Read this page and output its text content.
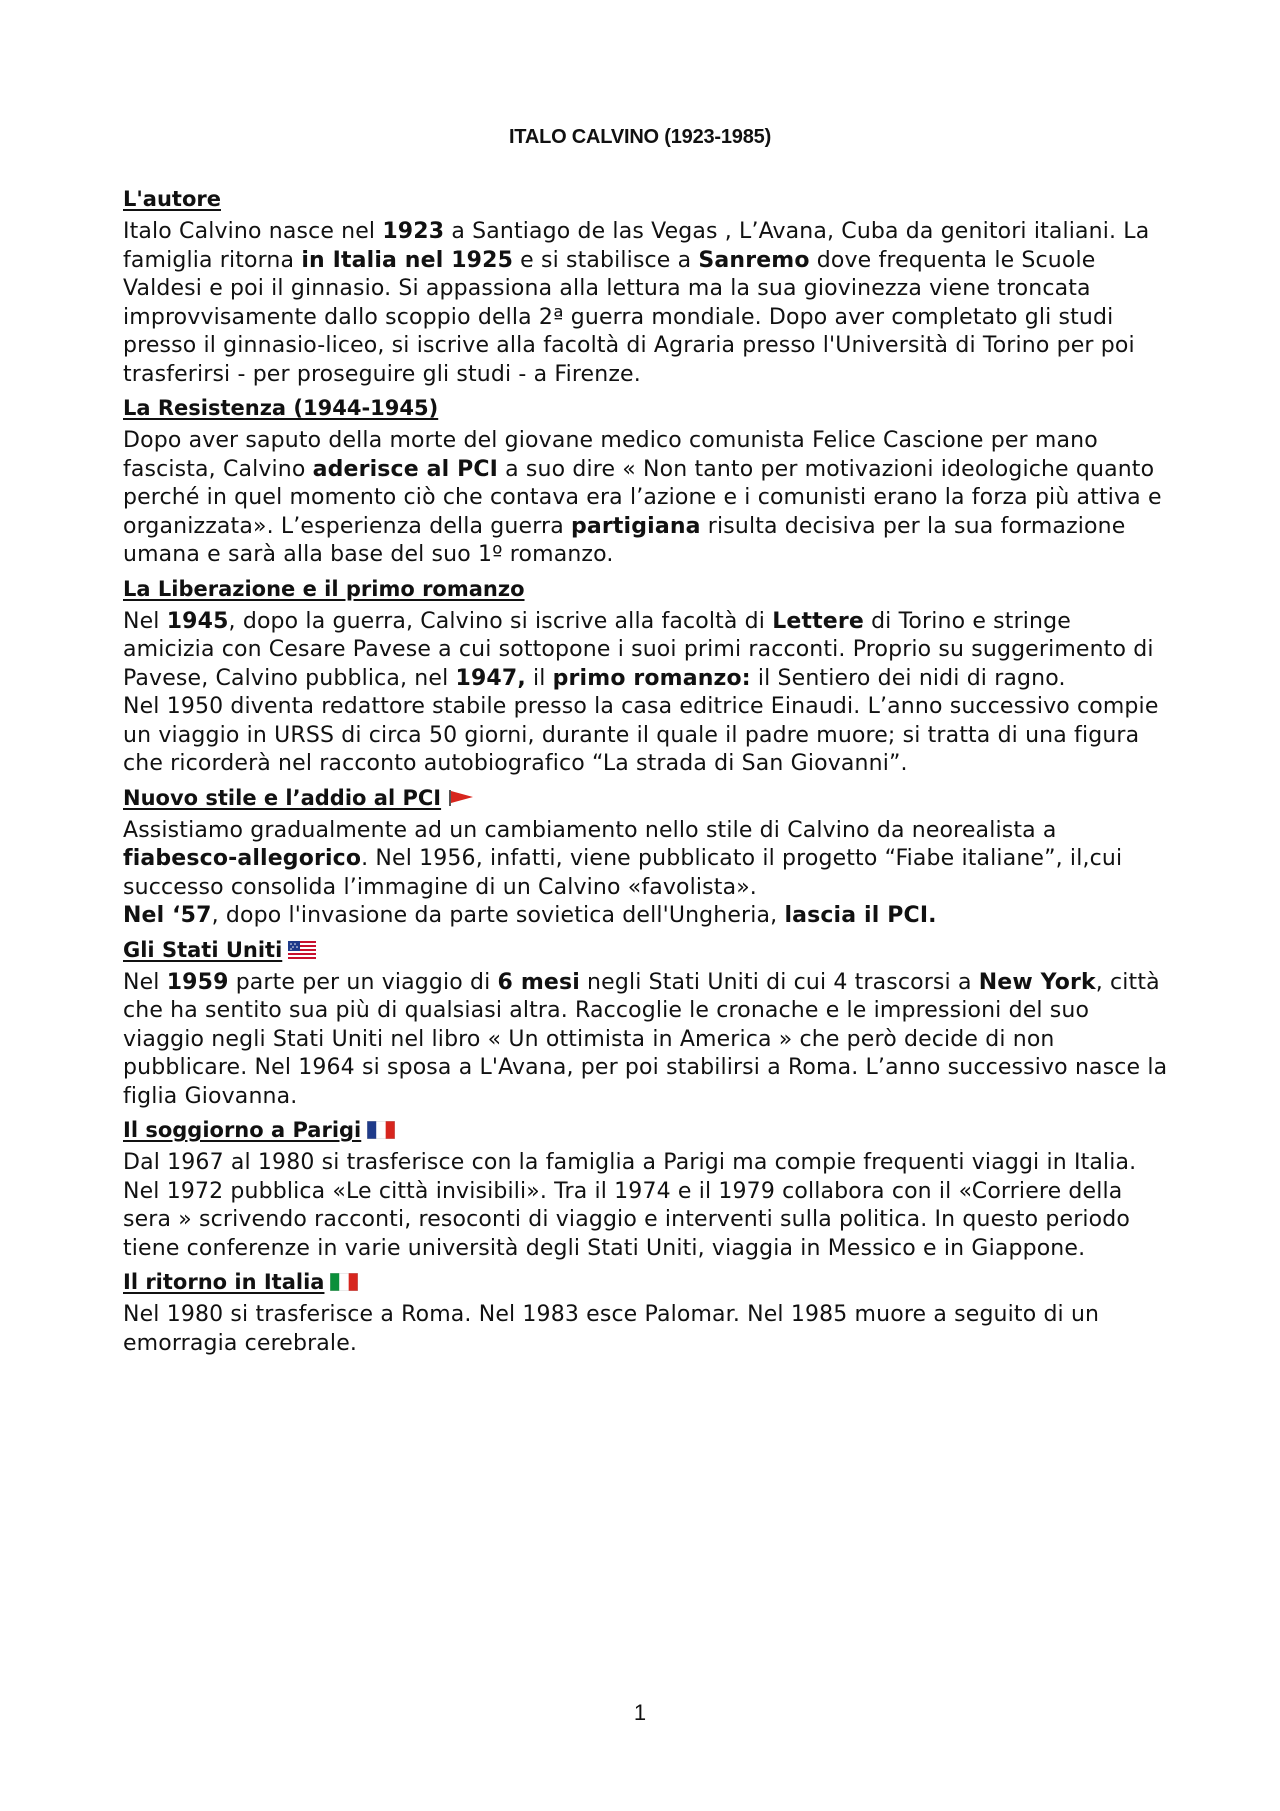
ITALO CALVINO (1923-1985)
L'autore

Italo Calvino nasce nel 1923 a Santiago de las Vegas , L’Avana, Cuba da genitori italiani. La famiglia ritorna in Italia nel 1925 e si stabilisce a Sanremo dove frequenta le Scuole Valdesi e poi il ginnasio. Si appassiona alla lettura ma la sua giovinezza viene troncata improvvisamente dallo scoppio della 2ª guerra mondiale. Dopo aver completato gli studi presso il ginnasio-liceo, si iscrive alla facoltà di Agraria presso l'Università di Torino per poi trasferirsi - per proseguire gli studi - a Firenze.

La Resistenza (1944-1945)

Dopo aver saputo della morte del giovane medico comunista Felice Cascione per mano fascista, Calvino aderisce al PCI a suo dire « Non tanto per motivazioni ideologiche quanto perché in quel momento ciò che contava era l’azione e i comunisti erano la forza più attiva e organizzata». L’esperienza della guerra partigiana risulta decisiva per la sua formazione umana e sarà alla base del suo 1º romanzo.

La Liberazione e il primo romanzo

Nel 1945, dopo la guerra, Calvino si iscrive alla facoltà di Lettere di Torino e stringe amicizia con Cesare Pavese a cui sottopone i suoi primi racconti. Proprio su suggerimento di Pavese, Calvino pubblica, nel 1947, il primo romanzo: il Sentiero dei nidi di ragno.

Nel 1950 diventa redattore stabile presso la casa editrice Einaudi. L’anno successivo compie un viaggio in URSS di circa 50 giorni, durante il quale il padre muore; si tratta di una figura che ricorderà nel racconto autobiografico “La strada di San Giovanni”.

Nuovo stile e l’addio al PCI

Assistiamo gradualmente ad un cambiamento nello stile di Calvino da neorealista a fiabesco-allegorico. Nel 1956, infatti, viene pubblicato il progetto “Fiabe italiane”, il,cui successo consolida l’immagine di un Calvino «favolista».

Nel ‘57, dopo l'invasione da parte sovietica dell'Ungheria, lascia il PCI.

Gli Stati Uniti

Nel 1959 parte per un viaggio di 6 mesi negli Stati Uniti di cui 4 trascorsi a New York, città che ha sentito sua più di qualsiasi altra. Raccoglie le cronache e le impressioni del suo viaggio negli Stati Uniti nel libro « Un ottimista in America » che però decide di non pubblicare. Nel 1964 si sposa a L'Avana, per poi stabilirsi a Roma. L’anno successivo nasce la figlia Giovanna.

Il soggiorno a Parigi

Dal 1967 al 1980 si trasferisce con la famiglia a Parigi ma compie frequenti viaggi in Italia. Nel 1972 pubblica «Le città invisibili». Tra il 1974 e il 1979 collabora con il «Corriere della sera » scrivendo racconti, resoconti di viaggio e interventi sulla politica. In questo periodo tiene conferenze in varie università degli Stati Uniti, viaggia in Messico e in Giappone.

Il ritorno in Italia

Nel 1980 si trasferisce a Roma. Nel 1983 esce Palomar. Nel 1985 muore a seguito di un emorragia cerebrale.

1
